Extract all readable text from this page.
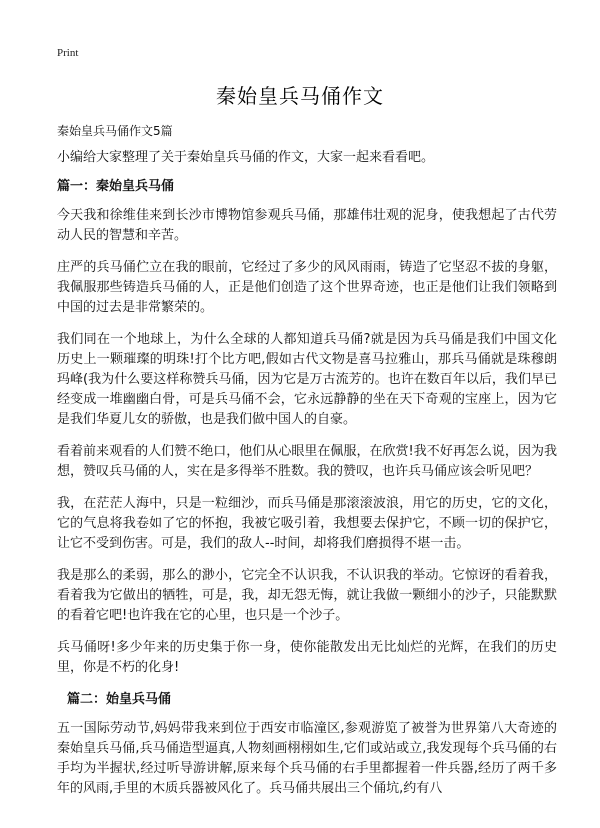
Print
秦始皇兵马俑作文

秦始皇兵马俑作文5篇

小编给大家整理了关于秦始皇兵马俑的作文，大家一起来看看吧。

篇一：秦始皇兵马俑

今天我和徐维佳来到长沙市博物馆参观兵马俑，那雄伟壮观的泥身，使我想起了古代劳动人民的智慧和辛苦。

庄严的兵马俑伫立在我的眼前，它经过了多少的风风雨雨，铸造了它坚忍不拔的身躯，我佩服那些铸造兵马俑的人，正是他们创造了这个世界奇迹，也正是他们让我们领略到中国的过去是非常繁荣的。

我们同在一个地球上，为什么全球的人都知道兵马俑?就是因为兵马俑是我们中国文化历史上一颗璀璨的明珠!打个比方吧,假如古代文物是喜马拉雅山，那兵马俑就是珠穆朗玛峰(我为什么要这样称赞兵马俑，因为它是万古流芳的。也许在数百年以后，我们早已经变成一堆幽幽白骨，可是兵马俑不会，它永远静静的坐在天下奇观的宝座上，因为它是我们华夏儿女的骄傲，也是我们做中国人的自豪。

看着前来观看的人们赞不绝口，他们从心眼里在佩服，在欣赏!我不好再怎么说，因为我想，赞叹兵马俑的人，实在是多得举不胜数。我的赞叹，也许兵马俑应该会听见吧？

我，在茫茫人海中，只是一粒细沙，而兵马俑是那滚滚波浪，用它的历史，它的文化，它的气息将我卷如了它的怀抱，我被它吸引着，我想要去保护它，不顾一切的保护它，让它不受到伤害。可是，我们的敌人--时间，却将我们磨损得不堪一击。

我是那么的柔弱，那么的渺小，它完全不认识我，不认识我的举动。它惊讶的看着我，看着我为它做出的牺牲，可是，我，却无怨无悔，就让我做一颗细小的沙子，只能默默的看着它吧!也许我在它的心里，也只是一个沙子。

兵马俑呀!多少年来的历史集于你一身，使你能散发出无比灿烂的光辉，在我们的历史里，你是不朽的化身!

篇二：始皇兵马俑

五一国际劳动节,妈妈带我来到位于西安市临潼区,参观游览了被誉为世界第八大奇迹的秦始皇兵马俑,兵马俑造型逼真,人物刻画栩栩如生,它们或站或立,我发现每个兵马俑的右手均为半握状,经过听导游讲解,原来每个兵马俑的右手里都握着一件兵器,经历了两千多年的风雨,手里的木质兵器被风化了。兵马俑共展出三个俑坑,约有八
